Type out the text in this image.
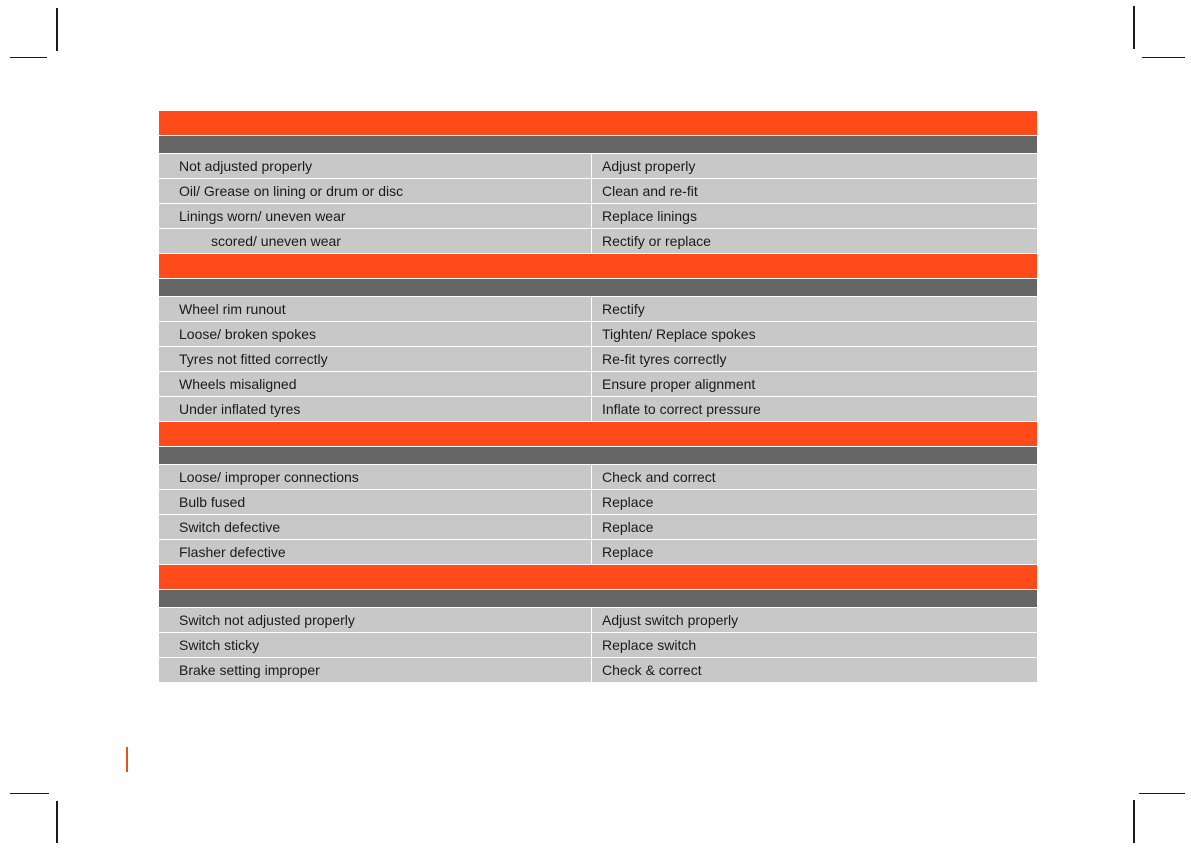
Not adjusted properly	Adjust properly
Oil/ Grease on lining or drum or disc	Clean and re-fit
Linings worn/ uneven wear	Replace linings
scored/ uneven wear	Rectify or replace
Wheel rim runout	Rectify
Loose/ broken spokes	Tighten/ Replace spokes
Tyres not fitted correctly	Re-fit tyres correctly
Wheels misaligned	Ensure proper alignment
Under inflated tyres	Inflate to correct pressure
Loose/ improper connections	Check and correct
Bulb fused	Replace
Switch defective	Replace
Flasher defective	Replace
Switch not adjusted properly	Adjust switch properly
Switch sticky	Replace switch
Brake setting improper	Check & correct
